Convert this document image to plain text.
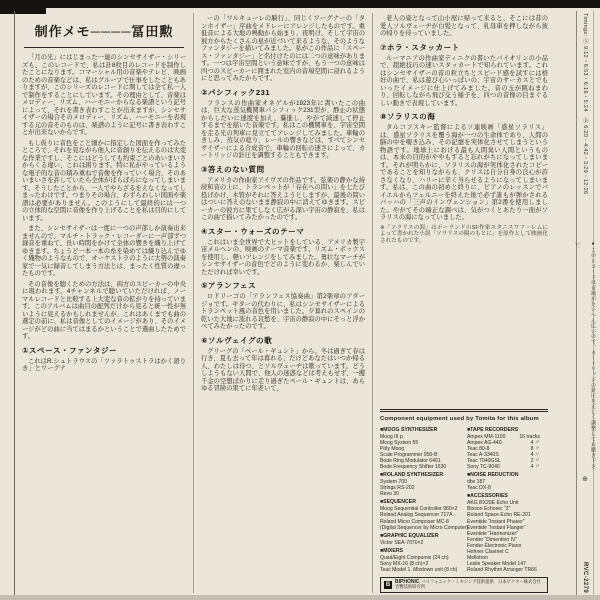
制作メモ────冨田勲

「月の光」にはじまった一連のシンセサイザー・シリーズも、このレコードで、私は計8枚目のレコードを制作したことになります。コマーシャル用の音楽やテレビ、映画のための音楽などは、私はグループで仕事をしたこともありますが、このシリーズのレコードに関しては全て私一人で制作をすることにしています。その理由として、音楽はメロディー、リズム、ハーモニーからなる楽譜という記号によって、それを書き表わすことが出来ますが、シンセサイザーの場合そのメロディー、リズム、ハーモニーを表現する元の音そのものは、楽譜のように記号に書き表わすことが出来ないからです。

もし仮りに音色をこと細かに指定した図面を作ってみたところで、それを見ながら他人に音創りを伝えるのは大変な作業ですし、そこにはどうしても約束ごとのあいまいさからくる違い、これは困ります。特に私がやっているような電子的な音の積み重ねで音像を作っていく場合、そのあいまいさを許していたら全体がばらばらになってしまいます。そうしたことから、一人でやらざるをえなくなってしまったわけです。つまりその場合、わずらわしい図面や楽譜は必要がありません。このようにして最終的には一つの立体的な空間に音像を作り上げることを私は目的にしています。

また、シンセサイザーは一度に一つの声部しか演奏出来ませんので、マルチ・トラック・レコーダーに一声部ずつ録音を重ねて、長い時間をかけて全体の響きを織り上げてゆきます。ちょうど一本一本の糸を染めては織り込んでゆく織物のようなもので、オーケストラのように大勢の演奏家で一気に録音してしまう方法とは、まったく性質の違ったものです。

その音像を聴くための方法は、両方のスピーカーの中央に現われます。4チャンネルで聴いていただければ、ノーマルレコードと比較する上大変な音の拡がりを持っています。このアルバムは曲目の配列だけから見ると統一性が無いように見えるかもしれませんが、これはあくまでも曲の選定の前に、私は音像としてのイメージがあり、そのイメージがどの曲に当てはまるかということで選曲したためです。

①スペース・ファンタジー

これはR.シュトラウスの「ツァラトゥストラはかく語りき」とワーグナ

ーの「ワルキューレの騎行」、同じくワーグナーの「タンホイザー」序曲をメドレーにアレンジしたものです。重低音による大地の鳴動から始まり、夜明け、そして宇宙の彼方からたくさんの星が近づいて来るような、そのようなファンタジーを描いてみました。私がこの作品に「スペース・ファンタジー」と名付けたのには二つの意味があります。一つは宇宙空間という意味ですが、もう一つの意味は四つのスピーカーに囲まれた室内の音場空間に浸れるようにと思ってみたからです。

②パシフィック231

フランスの作曲家オネゲルが1923年に書いたこの曲は、巨大な蒸気機関車パシフィック231型が、静止の状態からしだいに速度を加え、驀進し、やがて減速して停止するまでを描いた音楽です。私はこの機関車を、宇宙空間を走る光の列車に見立ててアレンジしてみました。車輪のきしみ、蒸気の唸り、レールの響きなどは、すべてシンセサイザーによる合成音で、車輪の回転の速さによって、カートリッジの針圧を調整することもできます。

③答えのない質問

アメリカの作曲家アイヴズの作品です。弦楽の静かな持続和音の上に、トランペットが「存在への問い」を七たび投げかけ、木管がそれに答えようとしますが、最後の問いはついに答えのないまま静寂の中に消えてゆきます。スピーカーの彼方に果てしなく広がる深い宇宙の静寂を、私はこの曲で描いてみたかったのです。

④スター・ウォーズのテーマ

これはいま全世界で大ヒットをしている、アメリカ製宇宙メルヘンの、映画のテーマ音楽です。リズム・ボックスを使用し、軽いアレンジをしてみました。勇壮なマーチがシンセサイザーの音色でどのように変わるか、楽しんでいただければ幸いです。

⑤アランフェス

ロドリーゴの「アランフェス協奏曲」第2楽章のアダージョです。ギターの代わりに、私はシンセサイザーによるトランペット風の音色を用いました。夕暮れのスペインの乾いた大地に流れる哀愁を、宇宙の静寂の中にそっと浮かべてみたかったのです。

⑥ソルヴェイグの歌

グリーグの「ペール・ギュント」から。冬は過ぎて春は行き、夏も去って年は暮れる、だけどあなたはいつか帰る人、わたしは待つ、とソルヴェーヂは歌っています。どうしようもない人間で、他人の迷惑などは考えもせず、一攫千金の空想ばかりに走り過ぎたペール・ギュントは、あらゆる冒険の果てに年老いて、

老人の姿となって山小屋に帰って来ると、そこには昔の愛人ソルヴェーヂが白髪となって、乳母車を押しながら彼の帰りを待っていました。

⑦ホラ・スタッカート

ルーマニアの作曲家ディニクの書いたバイオリンの小品で、超絶技巧の速いスタッカートで知られています。これはシンセサイザーの音の粒立ちとスピード感を試すには格好の曲で、私は遊び心いっぱいの、宇宙のサーカスとでもいったイメージに仕上げてみました。音の玉が跳ねまわり、回転しながら飛び交う様子を、四つの音像の目まぐるしい動きで表現しています。

⑧ソラリスの海

タルコフスキー監督によるソ連映画「惑星ソラリス」は、惑星ソラリスを覆う海が一つの生命体であり、人間の脳の中を覗き込み、その記憶を実体化させてしまうという物語です。地球上における最も人間臭い人間というものは、本来の目的がややもすると忘れがちになってしまいます。それが明らかに、ソラリスの海が実体化されたコピーであることを知りながらも、クリスは自分自身の良心が許さなくなり、ハリーに辛く当らせるようになってしまいます。私は、この曲の初めと終りに、ピアノのレッスンでバイエルからツェルニーを終えた後で必ず誰もが弾かされるバッハの「三声のインヴェンション」第2番を使用しました。やがてその端正な調べは、気がつくとあたり一面がソラリスの海になっていました。

※「ソラリスの海」はポーランドのSF作家スタニスワフ・レムによって書かれた小説「ソラリスの陽のもとに」を原作として映画化されたものです。

Component equipment used by Tomita for this album
■MOOG SYNTHESIZER
Moog III p
Moog System 55
Poly Moog
Scale Programmer 950-B
Bode Ring Modulator 6401
Bode Frequency Shifter 1630
■ROLAND SYNTHESIZER
System 700
Strings RS-202
Revo 30
■SEQUENCER
Moog Sequential Controller 960×2
Roland Analog Sequencer 717A
Roland Micro Composer MC-8
(Digital Sequencer by Micro Computer)
■GRAPHIC EQUALIZER
Victor SEA-7070×2
■MIXERS
Quad/Eight Compumix (24 ch)
Sony MX-16 (8 ch)×2
Teac Model 1. Mixdown unit (8 ch)
■TAPE RECORDERS
Ampex MM-1100	16 tracks
Ampex AG-440	4 〃
Teac 80-8	8 〃
Teac A-3340S	4 〃
Teac 7040GSL	2 〃
Sony TC-9040	4 〃
■NOISE REDUCTION
dbx 187
Teac DX-8
■ACCESSORIES
AKG BX20E Echo Unit
Binson Echorec “2”
Roland Space Echo RE-201
Eventide “Instant Phaser”
Eventide “Instant Flanger”
Eventide “Harmonizer”
Fender “Dimention IV”
Fender Electronic Piano
Hohner Clavinet C
Mellotron
Leslie Speaker Model 147
Roland Rhythm Arranger TR66
B BIPHONIC バイフォニック・ミキシング技術提供　日本ビクター株式会社　音響技術研究所
Timings: Ⓐ 9:12・6:53・6:16・5:24　Ⓑ 6:20・4:42・3:29・12:26
●このレコードは音域がたいへん広いので、カートリッジの針圧を正しく調整してお聴き下さい。
⊕
RVC-2279
